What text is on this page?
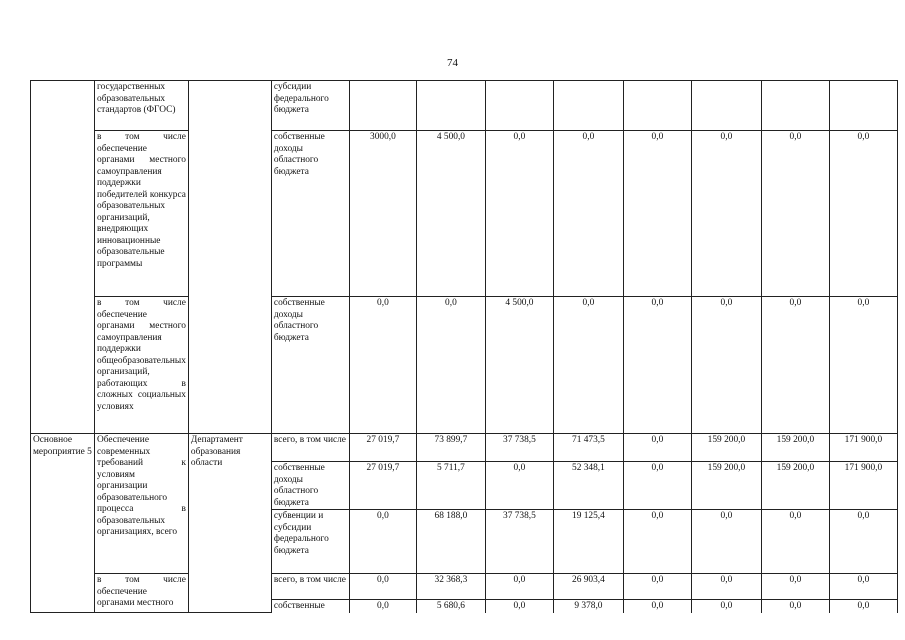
74
	государственных образовательных стандартов (ФГОС)		субсидии федерального бюджета								
	в том числе обеспечение органами местного самоуправления поддержки победителей конкурса образовательных организаций, внедряющих инновационные образовательные программы		собственные доходы областного бюджета	3000,0	4 500,0	0,0	0,0	0,0	0,0	0,0	0,0
	в том числе обеспечение органами местного самоуправления поддержки общеобразовательных организаций, работающих в сложных социальных условиях		собственные доходы областного бюджета	0,0	0,0	4 500,0	0,0	0,0	0,0	0,0	0,0
Основное мероприятие 5	Обеспечение современных требований к условиям организации образовательного процесса в образовательных организациях, всего	Департамент образования области	всего, в том числе	27 019,7	73 899,7	37 738,5	71 473,5	0,0	159 200,0	159 200,0	171 900,0
			собственные доходы областного бюджета	27 019,7	5 711,7	0,0	52 348,1	0,0	159 200,0	159 200,0	171 900,0
			субвенции и субсидии федерального бюджета	0,0	68 188,0	37 738,5	19 125,4	0,0	0,0	0,0	0,0
	в том числе обеспечение органами местного		всего, в том числе	0,0	32 368,3	0,0	26 903,4	0,0	0,0	0,0	0,0
			собственные	0,0	5 680,6	0,0	9 378,0	0,0	0,0	0,0	0,0
